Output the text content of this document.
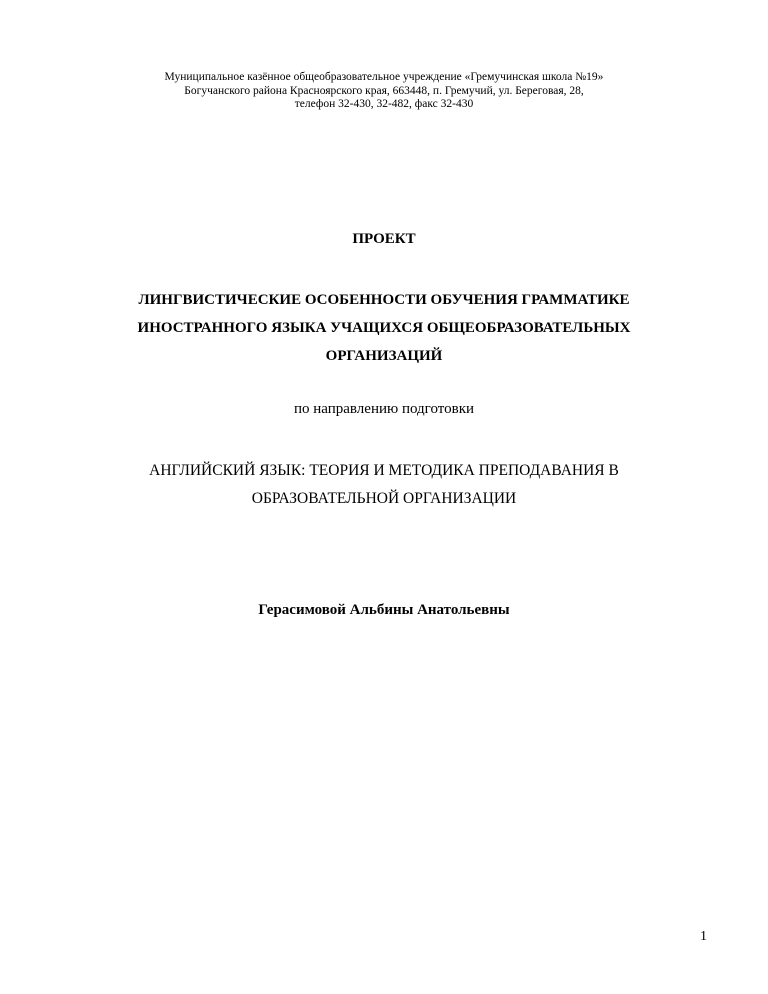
Муниципальное казённое общеобразовательное учреждение «Гремучинская школа №19»
Богучанского района Красноярского края, 663448, п. Гремучий, ул. Береговая, 28,
телефон 32-430, 32-482, факс 32-430
ПРОЕКТ
ЛИНГВИСТИЧЕСКИЕ ОСОБЕННОСТИ ОБУЧЕНИЯ ГРАММАТИКЕ
ИНОСТРАННОГО ЯЗЫКА УЧАЩИХСЯ ОБЩЕОБРАЗОВАТЕЛЬНЫХ
ОРГАНИЗАЦИЙ
по направлению подготовки
АНГЛИЙСКИЙ ЯЗЫК: ТЕОРИЯ И МЕТОДИКА ПРЕПОДАВАНИЯ В
ОБРАЗОВАТЕЛЬНОЙ ОРГАНИЗАЦИИ
Герасимовой Альбины Анатольевны
1
